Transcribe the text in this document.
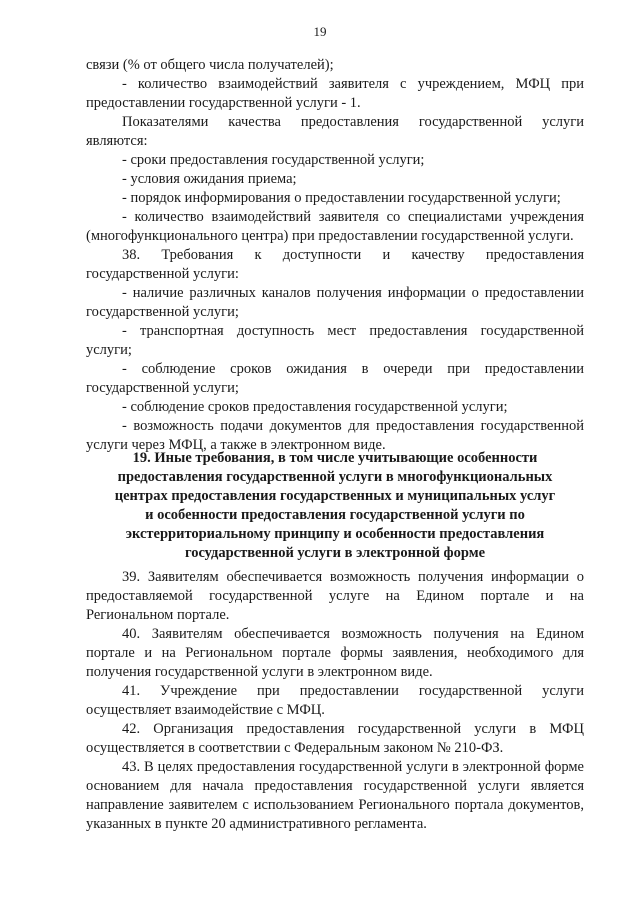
19

связи (% от общего числа получателей);

- количество взаимодействий заявителя с учреждением, МФЦ при предоставлении государственной услуги - 1.

Показателями качества предоставления государственной услуги являются:

- сроки предоставления государственной услуги;

- условия ожидания приема;

- порядок информирования о предоставлении государственной услуги;

- количество взаимодействий заявителя со специалистами учреждения (многофункционального центра) при предоставлении государственной услуги.

38. Требования к доступности и качеству предоставления государственной услуги:

- наличие различных каналов получения информации о предоставлении государственной услуги;

- транспортная доступность мест предоставления государственной услуги;

- соблюдение сроков ожидания в очереди при предоставлении государственной услуги;

- соблюдение сроков предоставления государственной услуги;

- возможность подачи документов для предоставления государственной услуги через МФЦ, а также в электронном виде.

19. Иные требования, в том числе учитывающие особенности
предоставления государственной услуги в многофункциональных
центрах предоставления государственных и муниципальных услуг
и особенности предоставления государственной услуги по
экстерриториальному принципу и особенности предоставления
государственной услуги в электронной форме

39. Заявителям обеспечивается возможность получения информации о предоставляемой государственной услуге на Едином портале и на Региональном портале.

40. Заявителям обеспечивается возможность получения на Едином портале и на Региональном портале формы заявления, необходимого для получения государственной услуги в электронном виде.

41. Учреждение при предоставлении государственной услуги осуществляет взаимодействие с МФЦ.

42. Организация предоставления государственной услуги в МФЦ осуществляется в соответствии с Федеральным законом № 210-ФЗ.

43. В целях предоставления государственной услуги в электронной форме основанием для начала предоставления государственной услуги является направление заявителем с использованием Регионального портала документов, указанных в пункте 20 административного регламента.
